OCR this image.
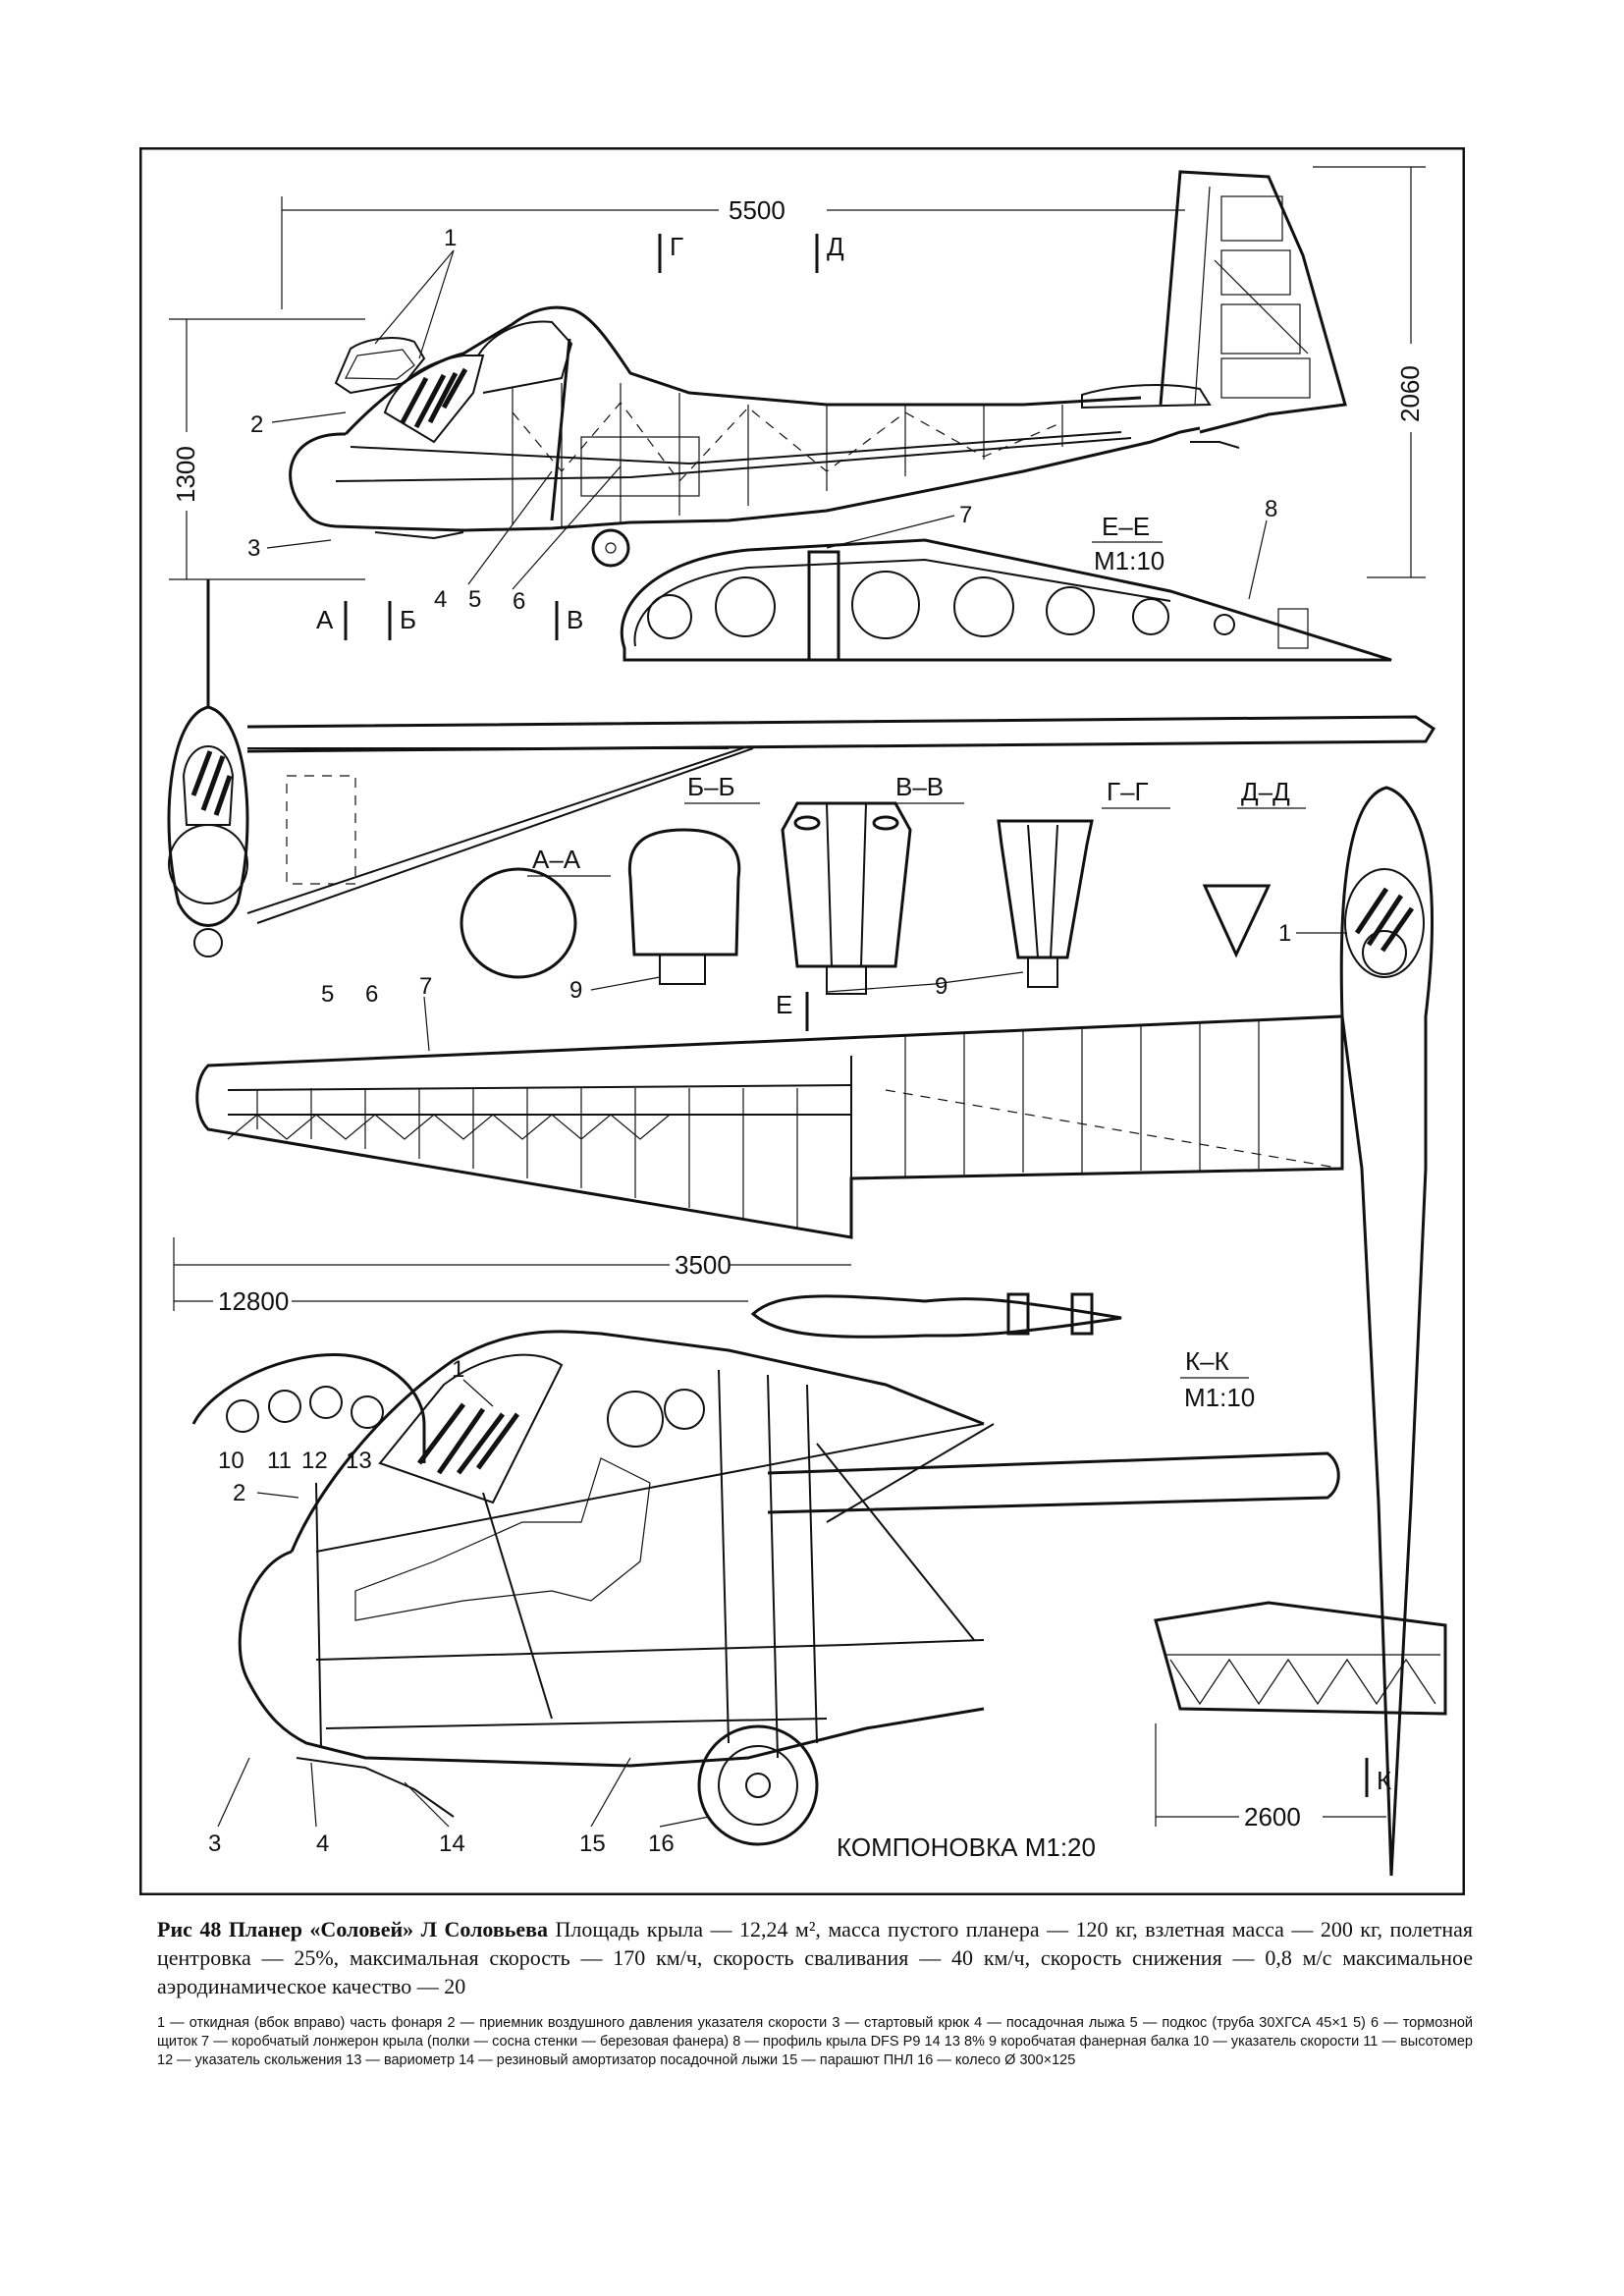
5500
2060
1300
Г	Д
А	Б	В
Е
К
Е–Е
М1:10
А–А
Б–Б	В–В	Г–Г	Д–Д
3500
12800
К–К
М1:10
КОМПОНОВКА М1:20
2600
1
2
3
4 5 6
7	8
5 6 7	9	9
1
10 11 12 13
1
2
3	4	14	15 16

Рис 48 Планер «Соловей» Л Соловьева Площадь крыла — 12,24 м², масса пустого планера — 120 кг, взлетная масса — 200 кг, полетная центровка — 25%, максимальная скорость — 170 км/ч, скорость сваливания — 40 км/ч, скорость снижения — 0,8 м/с максимальное аэродинамическое качество — 20

1 — откидная (вбок вправо) часть фонаря 2 — приемник воздушного давления указателя скорости 3 — стартовый крюк 4 — посадочная лыжа 5 — подкос (труба 30ХГСА 45×1 5) 6 — тормозной щиток 7 — коробчатый лонжерон крыла (полки — сосна стенки — березовая фанера) 8 — профиль крыла DFS P9 14 13 8% 9 коробчатая фанерная балка 10 — указатель скорости 11 — высотомер 12 — указатель скольжения 13 — вариометр 14 — резиновый амортизатор посадочной лыжи 15 — парашют ПНЛ 16 — колесо Ø 300×125
